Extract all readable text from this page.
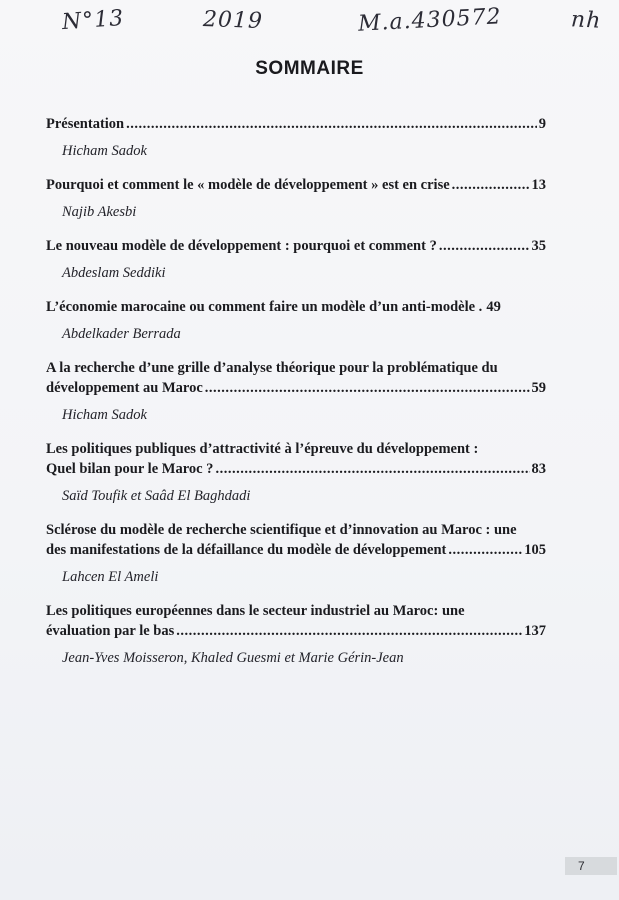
N°13	2019	M.a.430572	nh
SOMMAIRE
Présentation .....	9
Hicham Sadok
Pourquoi et comment le « modèle de développement » est en crise .....	13
Najib Akesbi
Le nouveau modèle de développement : pourquoi et comment ? .....	35
Abdeslam Seddiki
L’économie marocaine ou comment faire un modèle d’un anti-modèle . 49
Abdelkader Berrada
A la recherche d’une grille d’analyse théorique pour la problématique du
développement au Maroc .....	59
Hicham Sadok
Les politiques publiques d’attractivité à l’épreuve du développement :
Quel bilan pour le Maroc ? .....	83
Saïd Toufik et Saâd El Baghdadi
Sclérose du modèle de recherche scientifique et d’innovation au Maroc : une
des manifestations de la défaillance du modèle de développement .....	105
Lahcen El Ameli
Les politiques européennes dans le secteur industriel au Maroc: une
évaluation par le bas .....	137
Jean-Yves Moisseron, Khaled Guesmi et Marie Gérin-Jean
7
